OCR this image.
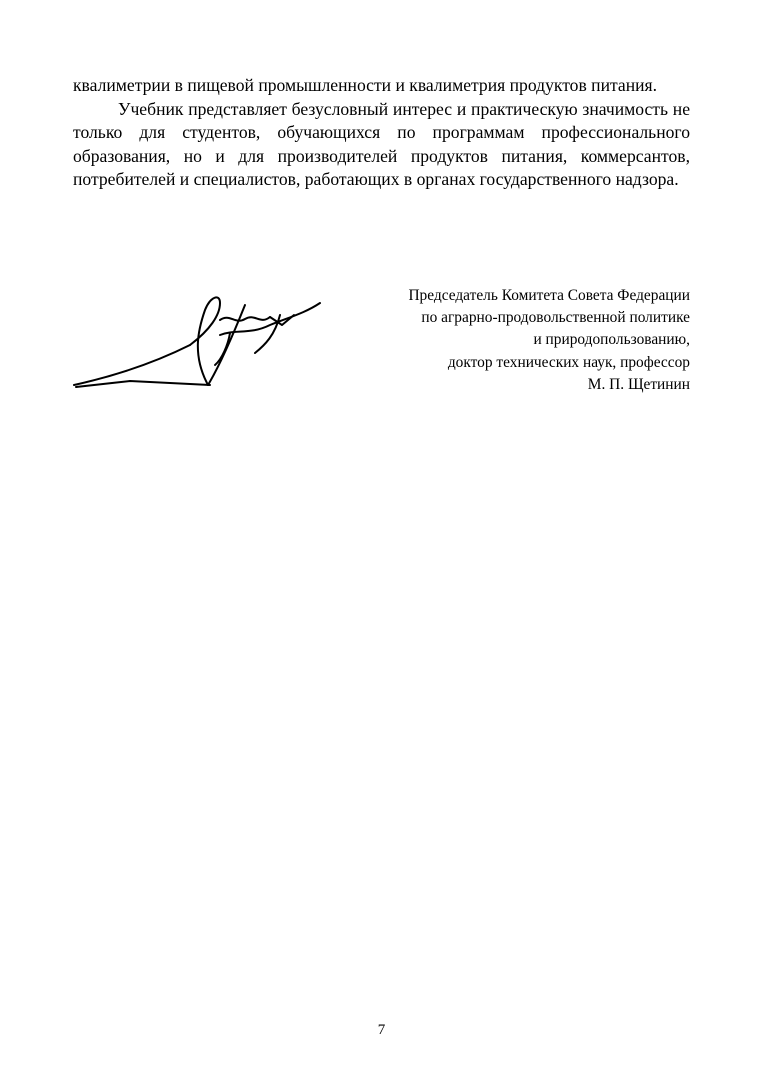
квалиметрии в пищевой промышленности и квалиметрия продуктов питания.

Учебник представляет безусловный интерес и практическую значимость не только для студентов, обучающихся по программам профессионального образования, но и для производителей продуктов питания, коммерсантов, потребителей и специалистов, работающих в органах государственного надзора.

Председатель Комитета Совета Федерации
по аграрно-продовольственной политике
и природопользованию,
доктор технических наук, профессор
М. П. Щетинин
7
